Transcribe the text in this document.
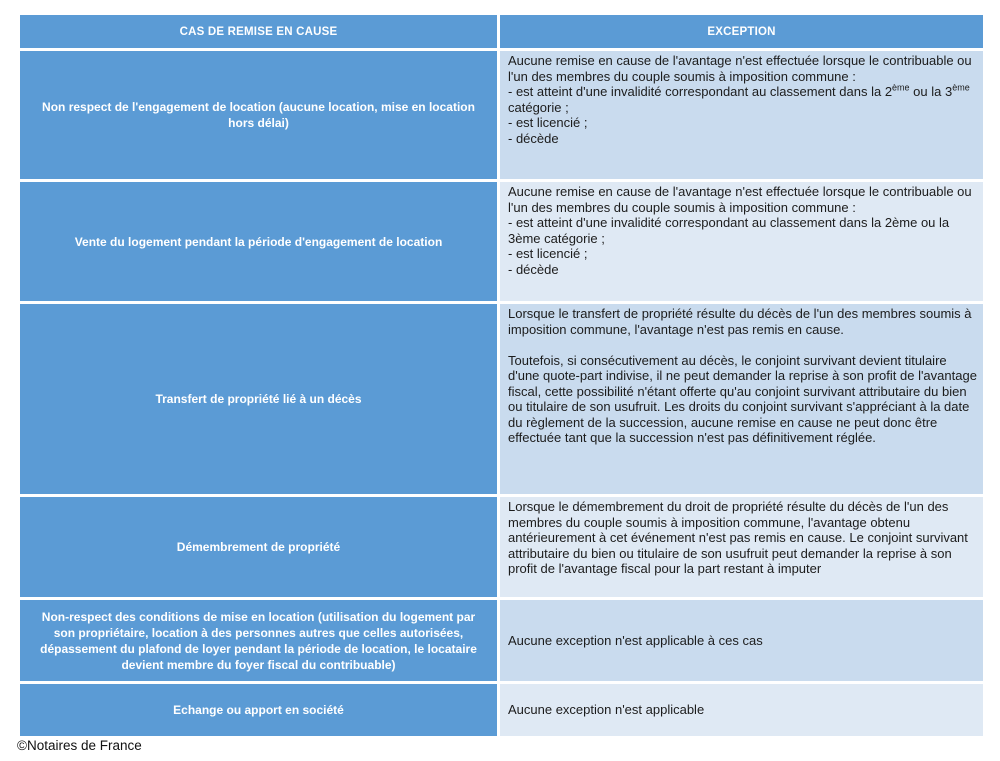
CAS DE REMISE EN CAUSE	EXCEPTION
Non respect de l'engagement de location (aucune location, mise en location hors délai)	Aucune remise en cause de l'avantage n'est effectuée lorsque le contribuable ou l'un des membres du couple soumis à imposition commune :
- est atteint d'une invalidité correspondant au classement dans la 2ème ou la 3ème catégorie ;
- est licencié ;
- décède

Vente du logement pendant la période d'engagement de location	Aucune remise en cause de l'avantage n'est effectuée lorsque le contribuable ou l'un des membres du couple soumis à imposition commune :
- est atteint d'une invalidité correspondant au classement dans la 2ème ou la 3ème catégorie ;
- est licencié ;
- décède

Transfert de propriété lié à un décès	Lorsque le transfert de propriété résulte du décès de l'un des membres soumis à imposition commune, l'avantage n'est pas remis en cause.

Toutefois, si consécutivement au décès, le conjoint survivant devient titulaire d'une quote-part indivise, il ne peut demander la reprise à son profit de l'avantage fiscal, cette possibilité n'étant offerte qu'au conjoint survivant attributaire du bien ou titulaire de son usufruit. Les droits du conjoint survivant s'appréciant à la date du règlement de la succession, aucune remise en cause ne peut donc être effectuée tant que la succession n'est pas définitivement réglée.

Démembrement de propriété	Lorsque le démembrement du droit de propriété résulte du décès de l'un des membres du couple soumis à imposition commune, l'avantage obtenu antérieurement à cet événement n'est pas remis en cause. Le conjoint survivant attributaire du bien ou titulaire de son usufruit peut demander la reprise à son profit de l'avantage fiscal pour la part restant à imputer

Non-respect des conditions de mise en location (utilisation du logement par son propriétaire, location à des personnes autres que celles autorisées, dépassement du plafond de loyer pendant la période de location, le locataire devient membre du foyer fiscal du contribuable)	Aucune exception n'est applicable à ces cas

Echange ou apport en société	Aucune exception n'est applicable
©Notaires de France
